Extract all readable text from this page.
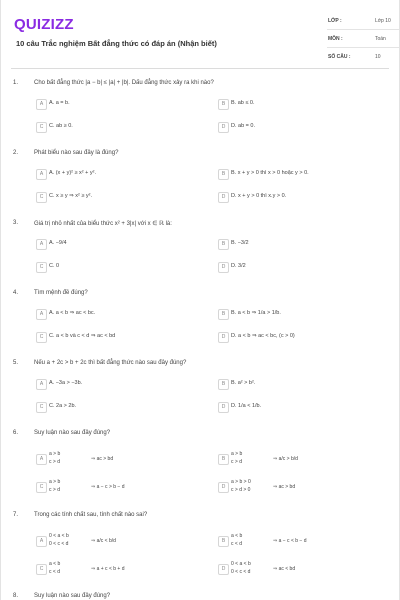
QUIZIZZ
10 câu Trắc nghiệm Bất đẳng thức có đáp án (Nhận biết)
LỚP :	Lớp 10
MÔN :	Toán
SỐ CÂU :	10
1.	Cho bất đẳng thức |a − b| ≤ |a| + |b|. Dấu đẳng thức xảy ra khi nào?
A	A. a = b.	B	B. ab ≤ 0.
C	C. ab ≥ 0.	D	D. ab = 0.
2.	Phát biểu nào sau đây là đúng?
A	A. (x + y)² ≥ x² + y².	B	B. x + y > 0 thì x > 0 hoặc y > 0.
C	C. x ≥ y ⇒ x² ≥ y².	D	D. x + y > 0 thì x.y > 0.
3.	Giá trị nhỏ nhất của biểu thức x² + 3|x| với x ∈ ℝ là:
A	A. −9/4	B	B. −3/2
C	C. 0	D	D. 3/2
4.	Tìm mệnh đề đúng?
A	A. a < b ⇒ ac < bc.	B	B. a < b ⇒ 1/a > 1/b.
C	C. a < b và c < d ⇒ ac < bd	D	D. a < b ⇒ ac < bc, (c > 0)
5.	Nếu a + 2c > b + 2c thì bất đẳng thức nào sau đây đúng?
A	A. −3a > −3b.	B	B. a² > b².
C	C. 2a > 2b.	D	D. 1/a < 1/b.
6.	Suy luận nào sau đây đúng?
A
a > b
c > d	⇒ ac > bd	B
a > b
c > d	⇒ a/c > b/d
C
a > b
c > d	⇒ a − c > b − d	D
a > b > 0
c > d > 0	⇒ ac > bd
7.	Trong các tính chất sau, tính chất nào sai?
A
0 < a < b
0 < c < d	⇒ a/c < b/d	B
a < b
c < d	⇒ a − c < b − d
C
a < b
c < d	⇒ a + c < b + d	D
0 < a < b
0 < c < d	⇒ ac < bd
8.	Suy luận nào sau đây đúng?
